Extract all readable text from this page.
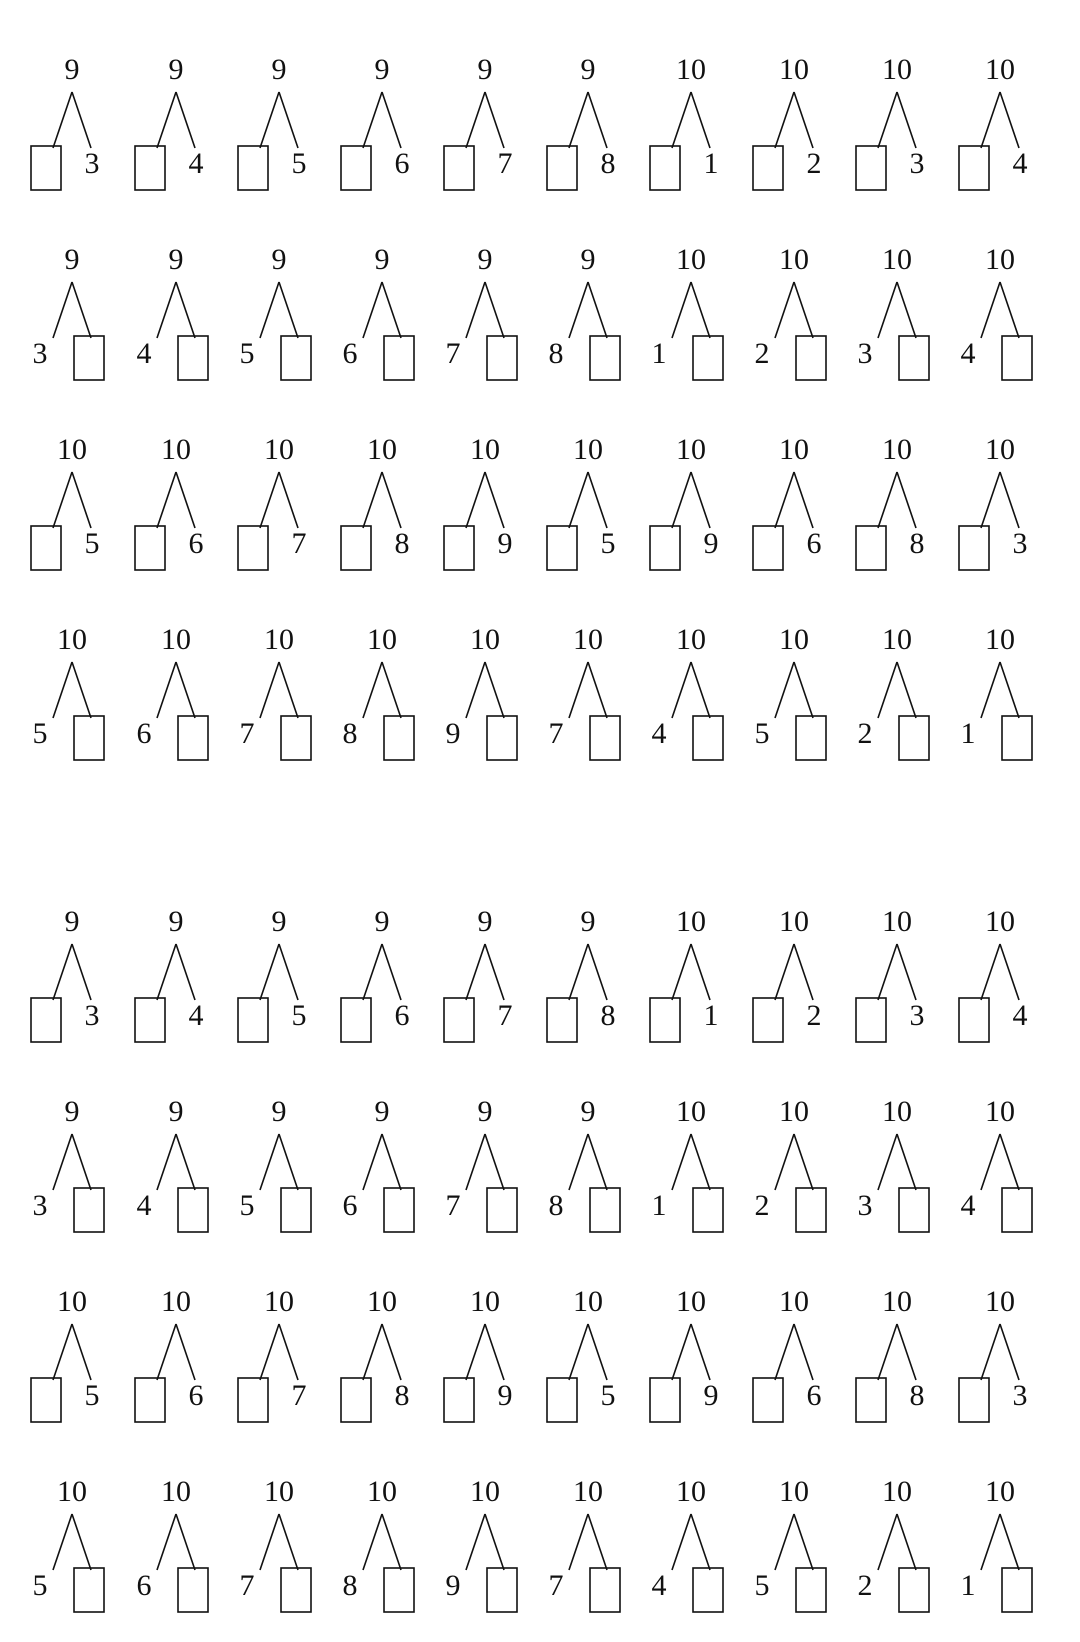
9
3
9
4
9
5
9
6
9
7
9
8
10
1
10
2
10
3
10
4
9
3
9
4
9
5
9
6
9
7
9
8
10
1
10
2
10
3
10
4
10
5
10
6
10
7
10
8
10
9
10
5
10
9
10
6
10
8
10
3
10
5
10
6
10
7
10
8
10
9
10
7
10
4
10
5
10
2
10
1
9
3
9
4
9
5
9
6
9
7
9
8
10
1
10
2
10
3
10
4
9
3
9
4
9
5
9
6
9
7
9
8
10
1
10
2
10
3
10
4
10
5
10
6
10
7
10
8
10
9
10
5
10
9
10
6
10
8
10
3
10
5
10
6
10
7
10
8
10
9
10
7
10
4
10
5
10
2
10
1
